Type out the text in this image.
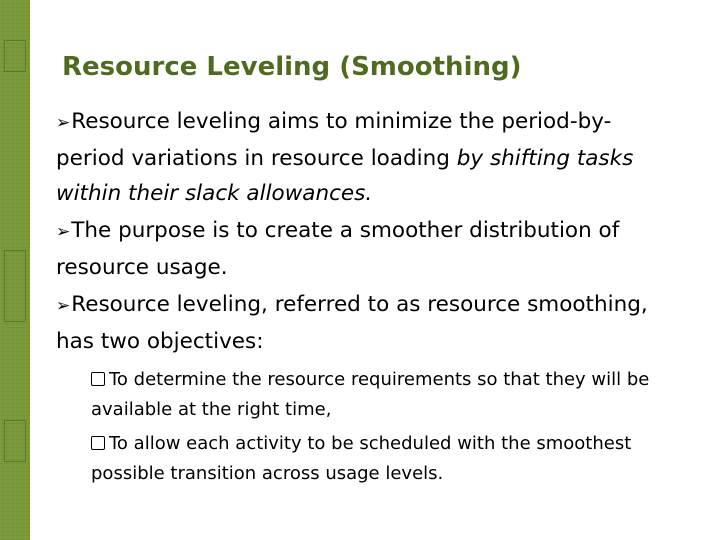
Resource Leveling (Smoothing)

➢Resource leveling aims to minimize the period-by-period variations in resource loading by shifting tasks within their slack allowances.

➢The purpose is to create a smoother distribution of resource usage.

➢Resource leveling, referred to as resource smoothing, has two objectives:

To determine the resource requirements so that they will be available at the right time,

To allow each activity to be scheduled with the smoothest possible transition across usage levels.
